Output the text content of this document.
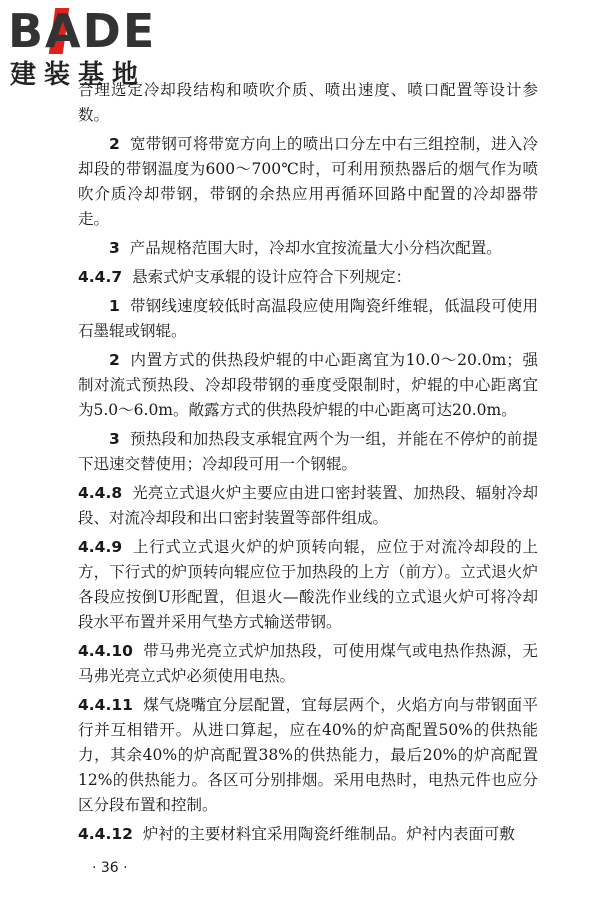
BADE
建装基地

合理选定冷却段结构和喷吹介质、喷出速度、喷口配置等设计参数。

2 宽带钢可将带宽方向上的喷出口分左中右三组控制，进入冷却段的带钢温度为600～700℃时，可利用预热器后的烟气作为喷吹介质冷却带钢，带钢的余热应用再循环回路中配置的冷却器带走。

3 产品规格范围大时，冷却水宜按流量大小分档次配置。

4.4.7 悬索式炉支承辊的设计应符合下列规定：

1 带钢线速度较低时高温段应使用陶瓷纤维辊，低温段可使用石墨辊或钢辊。

2 内置方式的供热段炉辊的中心距离宜为10.0～20.0m；强制对流式预热段、冷却段带钢的垂度受限制时，炉辊的中心距离宜为5.0～6.0m。敞露方式的供热段炉辊的中心距离可达20.0m。

3 预热段和加热段支承辊宜两个为一组，并能在不停炉的前提下迅速交替使用；冷却段可用一个钢辊。

4.4.8 光亮立式退火炉主要应由进口密封装置、加热段、辐射冷却段、对流冷却段和出口密封装置等部件组成。

4.4.9 上行式立式退火炉的炉顶转向辊，应位于对流冷却段的上方，下行式的炉顶转向辊应位于加热段的上方（前方）。立式退火炉各段应按倒U形配置，但退火—酸洗作业线的立式退火炉可将冷却段水平布置并采用气垫方式输送带钢。

4.4.10 带马弗光亮立式炉加热段，可使用煤气或电热作热源，无马弗光亮立式炉必须使用电热。

4.4.11 煤气烧嘴宜分层配置，宜每层两个，火焰方向与带钢面平行并互相错开。从进口算起，应在40%的炉高配置50%的供热能力，其余40%的炉高配置38%的供热能力，最后20%的炉高配置12%的供热能力。各区可分别排烟。采用电热时，电热元件也应分区分段布置和控制。

4.4.12 炉衬的主要材料宜采用陶瓷纤维制品。炉衬内表面可敷

· 36 ·
